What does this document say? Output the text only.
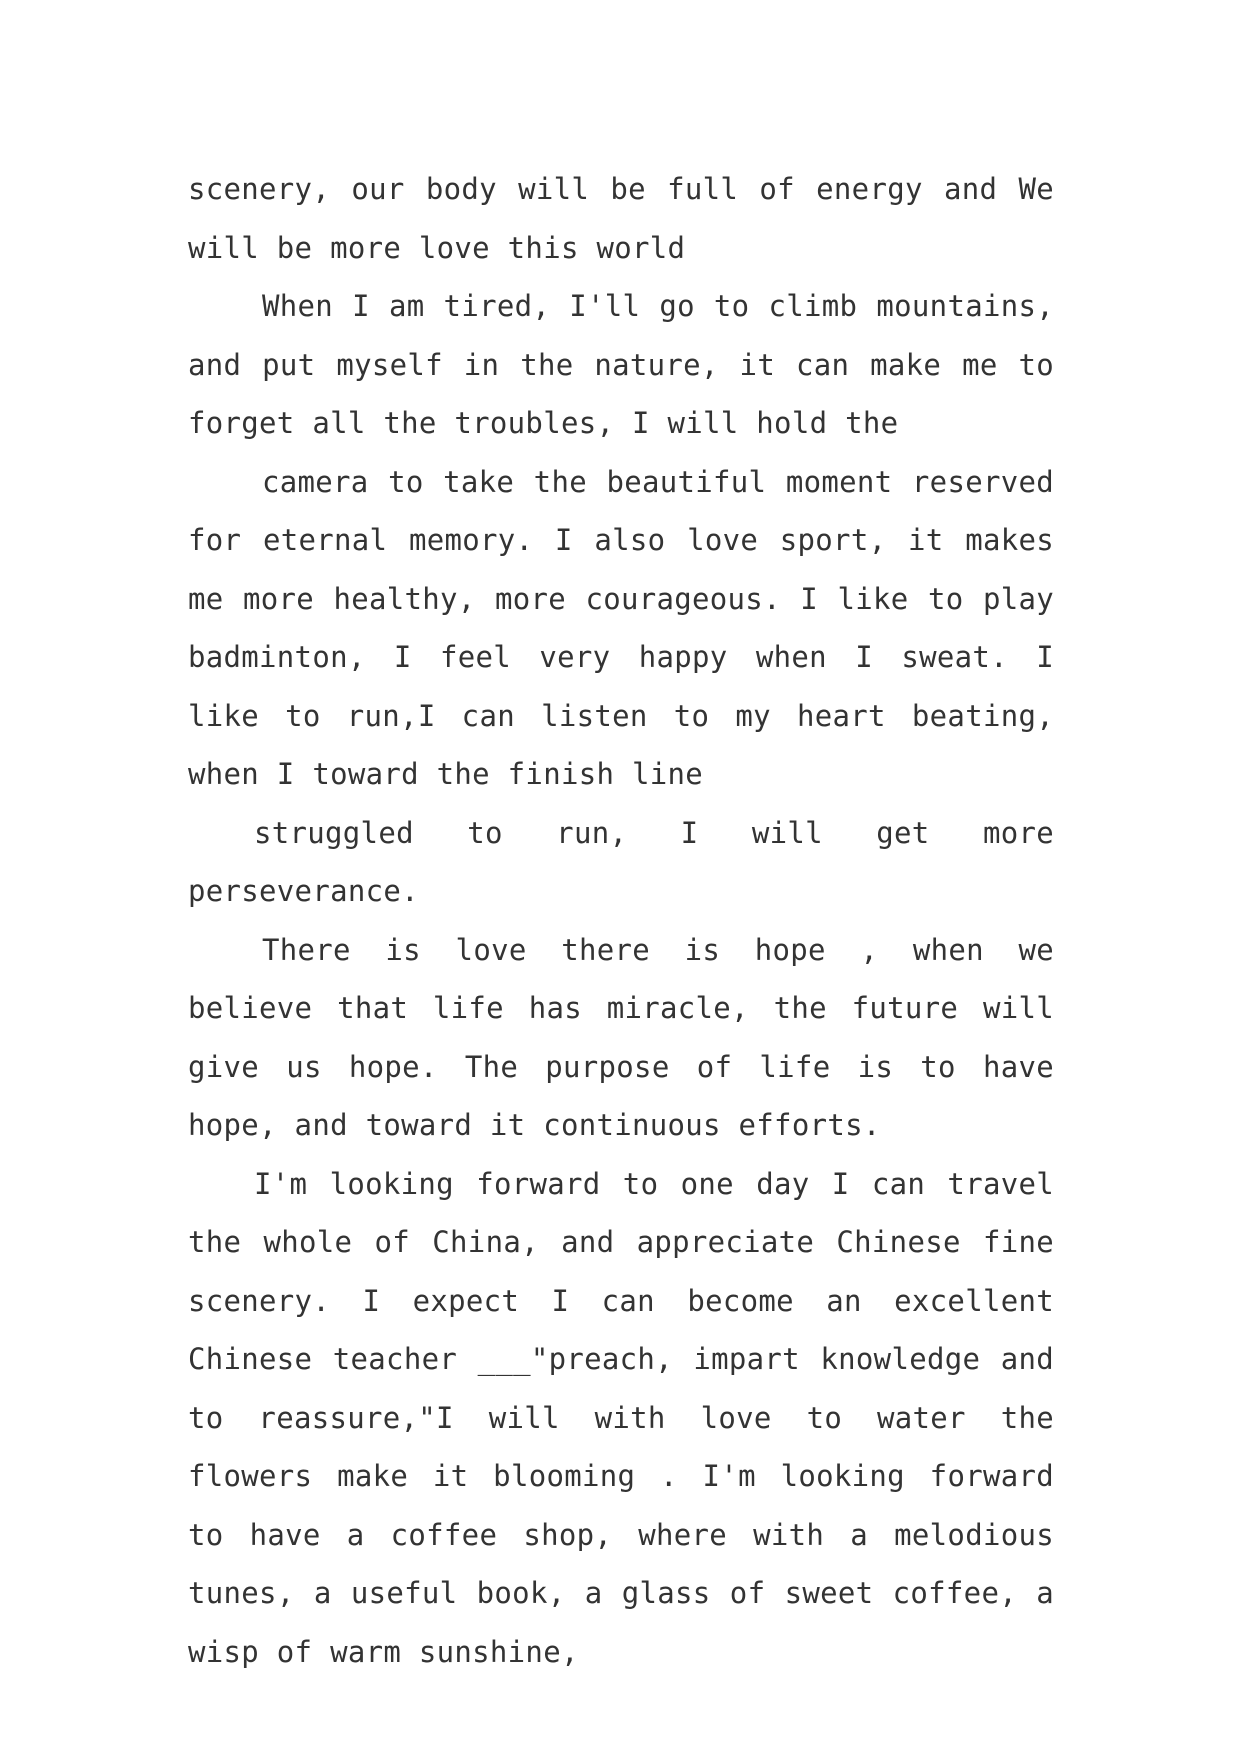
scenery, our body will be full of energy and We will be more love this world

When I am tired, I'll go to climb mountains, and put myself in the nature, it can make me to forget all the troubles, I will hold the

camera to take the beautiful moment reserved for eternal memory. I also love sport, it makes me more healthy, more courageous. I like to play badminton, I feel very happy when I sweat. I like to run,I can listen to my heart beating, when I toward the finish line

struggled to run, I will get more perseverance.

There is love there is hope , when we believe that life has miracle, the future will give us hope. The purpose of life is to have hope, and toward it continuous efforts.

I'm looking forward to one day I can travel the whole of China, and appreciate Chinese fine scenery. I expect I can become an excellent Chinese teacher ___"preach, impart knowledge and to reassure,"I will with love to water the flowers make it blooming . I'm looking forward to have a coffee shop, where with a melodious tunes, a useful book, a glass of sweet coffee, a wisp of warm sunshine,
